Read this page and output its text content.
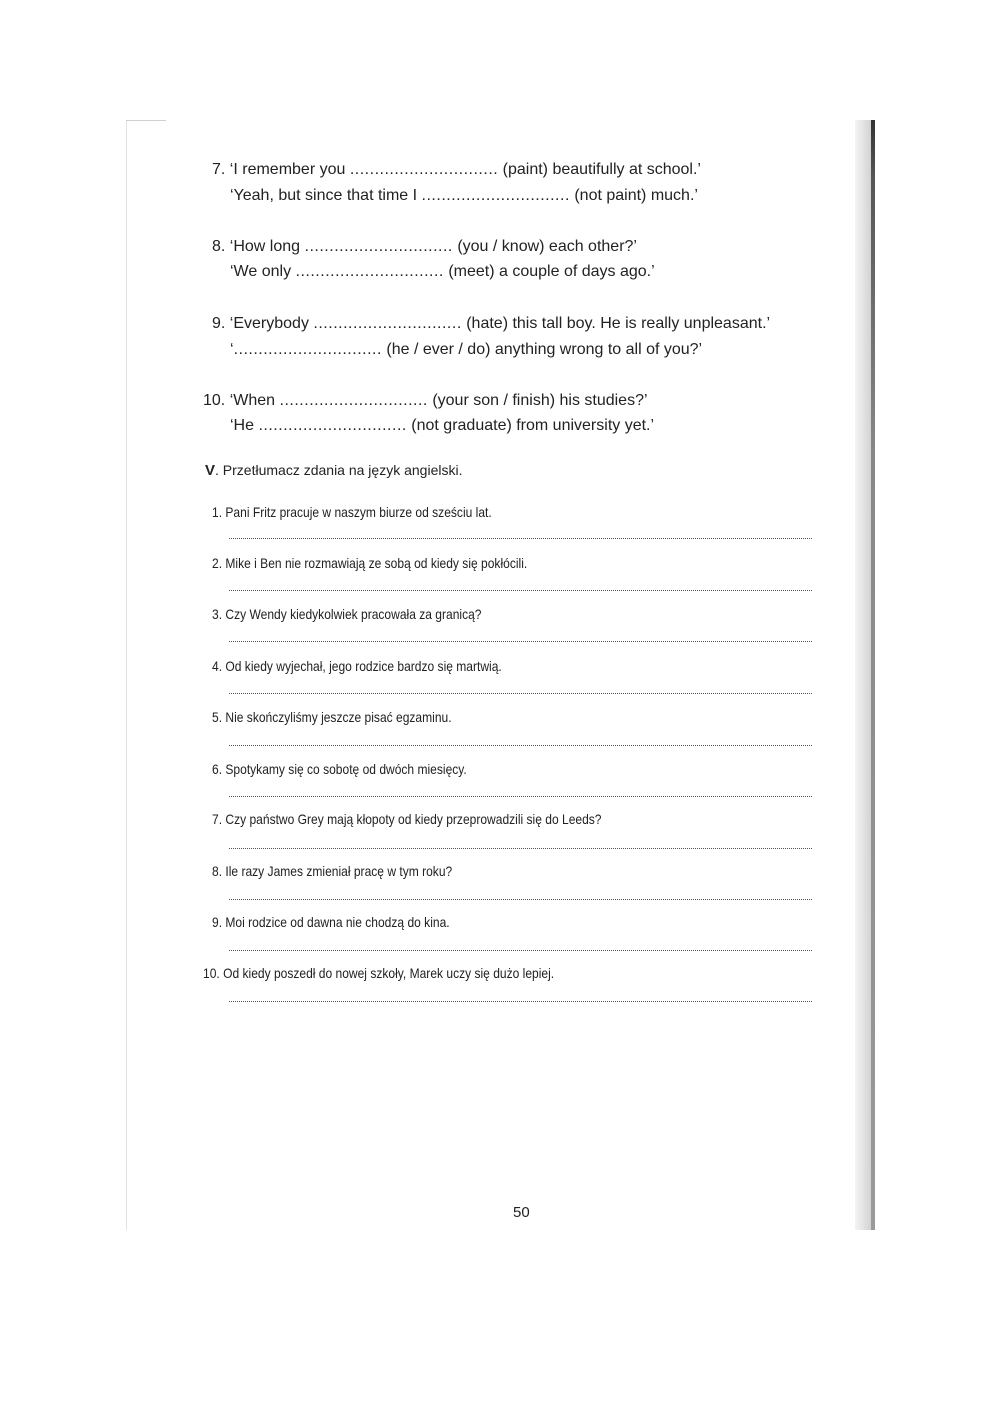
7. ‘I remember you .............................. (paint) beautifully at school.’
‘Yeah, but since that time I .............................. (not paint) much.’
8. ‘How long .............................. (you / know) each other?’
‘We only .............................. (meet) a couple of days ago.’
9. ‘Everybody .............................. (hate) this tall boy. He is really unpleasant.’
‘.............................. (he / ever / do) anything wrong to all of you?’
10. ‘When .............................. (your son / finish) his studies?’
‘He .............................. (not graduate) from university yet.’
V. Przetłumacz zdania na język angielski.
1. Pani Fritz pracuje w naszym biurze od sześciu lat.
2. Mike i Ben nie rozmawiają ze sobą od kiedy się pokłócili.
3. Czy Wendy kiedykolwiek pracowała za granicą?
4. Od kiedy wyjechał, jego rodzice bardzo się martwią.
5. Nie skończyliśmy jeszcze pisać egzaminu.
6. Spotykamy się co sobotę od dwóch miesięcy.
7. Czy państwo Grey mają kłopoty od kiedy przeprowadzili się do Leeds?
8. Ile razy James zmieniał pracę w tym roku?
9. Moi rodzice od dawna nie chodzą do kina.
10. Od kiedy poszedł do nowej szkoły, Marek uczy się dużo lepiej.
50
